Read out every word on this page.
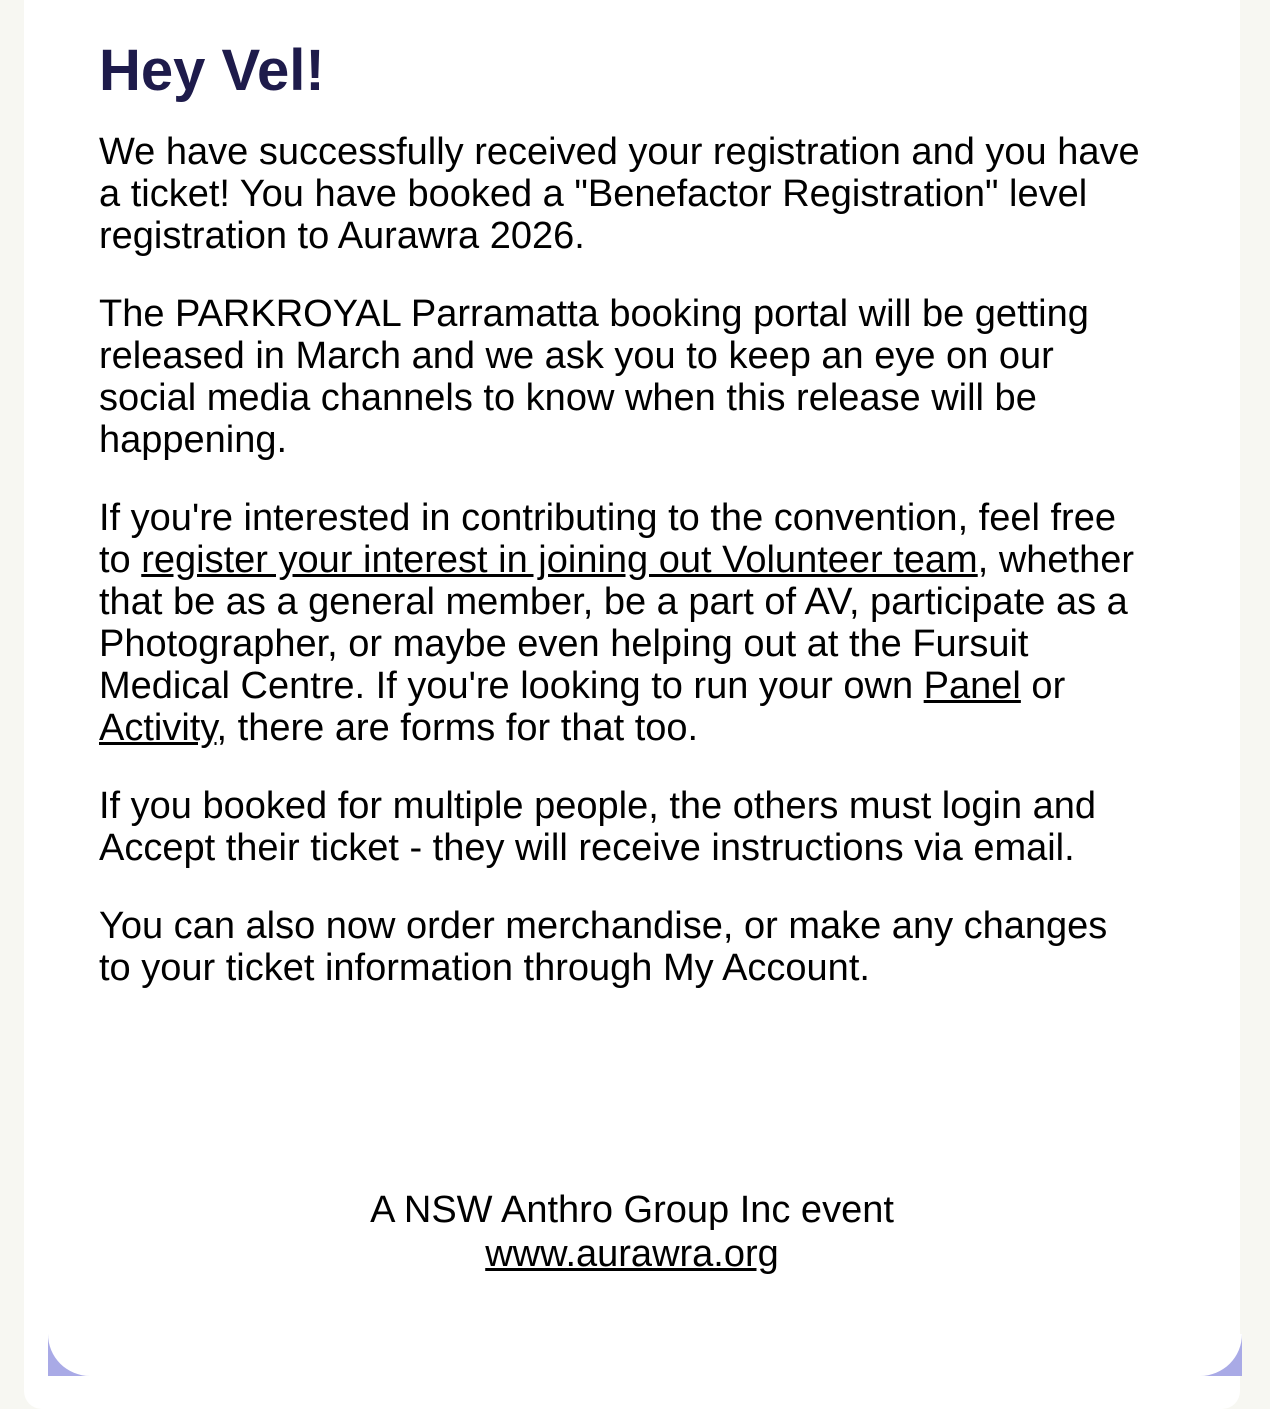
Hey Vel!

We have successfully received your registration and you have a ticket! You have booked a "Benefactor Registration" level registration to Aurawra 2026.

The PARKROYAL Parramatta booking portal will be getting released in March and we ask you to keep an eye on our social media channels to know when this release will be happening.

If you're interested in contributing to the convention, feel free to register your interest in joining out Volunteer team, whether that be as a general member, be a part of AV, participate as a Photographer, or maybe even helping out at the Fursuit Medical Centre. If you're looking to run your own Panel or Activity, there are forms for that too.

If you booked for multiple people, the others must login and Accept their ticket - they will receive instructions via email.

You can also now order merchandise, or make any changes to your ticket information through My Account.

A NSW Anthro Group Inc event
www.aurawra.org
